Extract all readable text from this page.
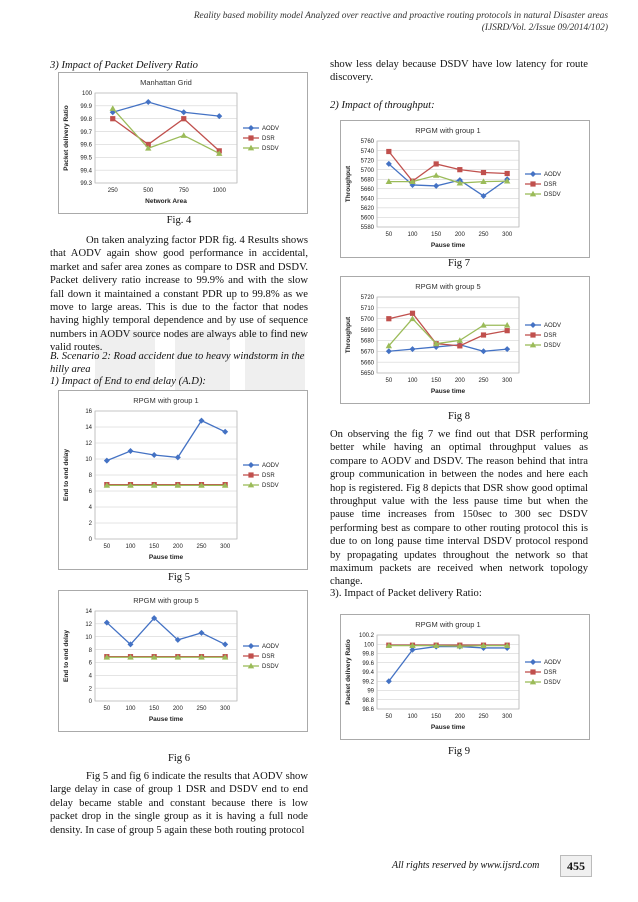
Reality based mobility model Analyzed over reactive and proactive routing protocols in natural Disaster areas
(IJSRD/Vol. 2/Issue 09/2014/102)
3) Impact of Packet Delivery Ratio
Manhattan Grid
99.3
99.4
99.5
99.6
99.7
99.8
99.9
100
250	500	750	1000
Network Area
Packet delivery Ratio	AODV
DSR
DSDV
Fig. 4

On taken analyzing factor PDR fig. 4 Results shows that AODV again show good performance in accidental, market and safer area zones as compare to DSR and DSDV. Packet delivery ratio increase to 99.9% and with the slow fall down it maintained a constant PDR up to 99.8% as we move to large areas. This is due to the factor that nodes having highly temporal dependence and by use of sequence numbers in AODV source nodes are always able to find new valid routes.

B. Scenario 2: Road accident due to heavy windstorm in the hilly area
1) Impact of End to end delay (A.D):
RPGM with group 1
0
2
4
6
8
10
12
14
16
50	100 150 200 250 300
Pause time
End to end delay	AODV
DSR
DSDV
Fig 5
RPGM with group 5
0
2
4
6
8
10
12
14
50	100 150 200 250 300
Pause time
End to end delay	AODV
DSR
DSDV
Fig 6

Fig 5 and fig 6 indicate the results that AODV show large delay in case of group 1 DSR and DSDV end to end delay became stable and constant because there is low packet drop in the single group as it is having a full node density. In case of group 5 again these both routing protocol

show less delay because DSDV have low latency for route discovery.

2) Impact of throughput:
RPGM with group 1
5580
5600
5620
5640
5660
5680
5700
5720
5740
5760
50	100 150 200 250 300
Pause time
Throughput	AODV
DSR
DSDV
Fig 7
RPGM with group 5
5650
5660
5670
5680
5690
5700
5710
5720
50	100 150 200 250 300
Pause time
Throughput	AODV
DSR
DSDV
Fig 8

On observing the fig 7 we find out that DSR performing better while having an optimal throughput values as compare to AODV and DSDV. The reason behind that intra group communication in between the nodes and here each hop is registered. Fig 8 depicts that DSR show good optimal throughput value with the less pause time but when the pause time increases from 150sec to 300 sec DSDV performing best as compare to other routing protocol this is due to on long pause time interval DSDV protocol respond by propagating updates throughout the network so that maximum packets are received when network topology change.

3). Impact of Packet delivery Ratio:
RPGM with group 1
98.6
98.8
99
99.2
99.4
99.6
99.8
100
100.2
50	100 150 200 250 300
Pause time
Packet delivery Ratio	AODV
DSR
DSDV
Fig 9
All rights reserved by www.ijsrd.com	455
